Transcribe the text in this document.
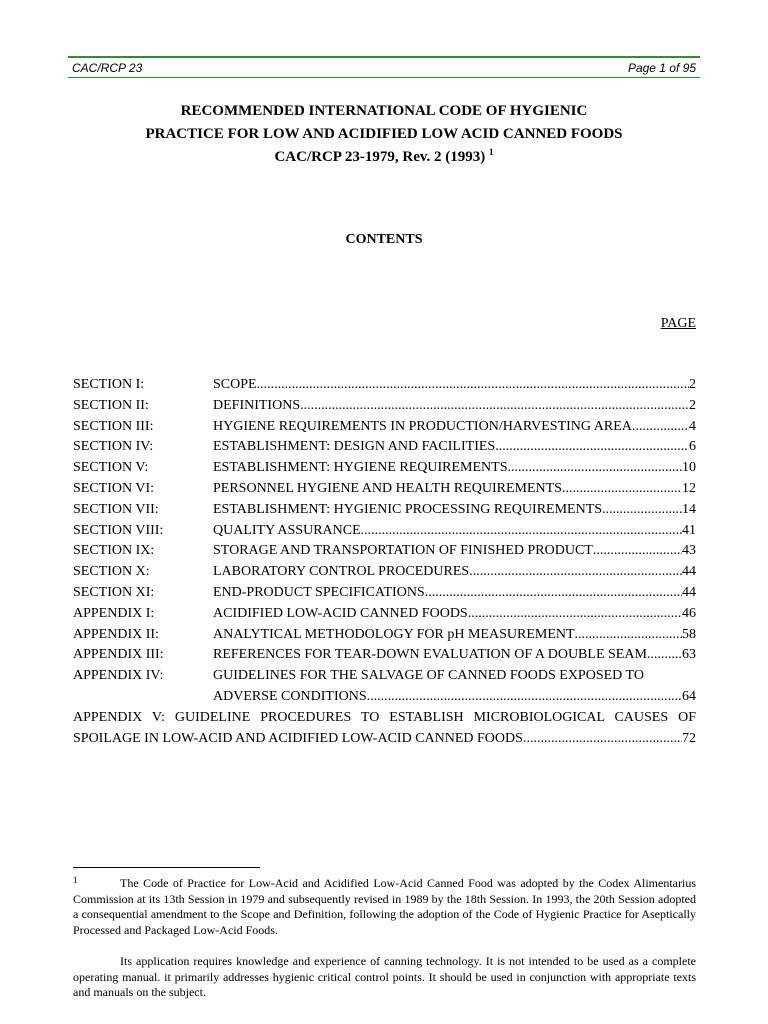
CAC/RCP 23	Page 1 of 95
RECOMMENDED INTERNATIONAL CODE OF HYGIENIC
PRACTICE FOR LOW AND ACIDIFIED LOW ACID CANNED FOODS
CAC/RCP 23-1979, Rev. 2 (1993) $^1$
CONTENTS
PAGE
SECTION I:	SCOPE .....	2
SECTION II:	DEFINITIONS .....	2
SECTION III:	HYGIENE REQUIREMENTS IN PRODUCTION/HARVESTING AREA .....	4
SECTION IV:	ESTABLISHMENT: DESIGN AND FACILITIES .....	6
SECTION V:	ESTABLISHMENT: HYGIENE REQUIREMENTS .....	10
SECTION VI:	PERSONNEL HYGIENE AND HEALTH REQUIREMENTS .....	12
SECTION VII:	ESTABLISHMENT: HYGIENIC PROCESSING REQUIREMENTS .....	14
SECTION VIII:	QUALITY ASSURANCE .....	41
SECTION IX:	STORAGE AND TRANSPORTATION OF FINISHED PRODUCT .....	43
SECTION X:	LABORATORY CONTROL PROCEDURES .....	44
SECTION XI:	END-PRODUCT SPECIFICATIONS .....	44
APPENDIX I:	ACIDIFIED LOW-ACID CANNED FOODS .....	46
APPENDIX II:	ANALYTICAL METHODOLOGY FOR pH MEASUREMENT .....	58
APPENDIX III:	REFERENCES FOR TEAR-DOWN EVALUATION OF A DOUBLE SEAM .....	63
APPENDIX IV:	GUIDELINES FOR THE SALVAGE OF CANNED FOODS EXPOSED TO
ADVERSE CONDITIONS .....	64
APPENDIX V: GUIDELINE PROCEDURES TO ESTABLISH MICROBIOLOGICAL CAUSES OF
SPOILAGE IN LOW-ACID AND ACIDIFIED LOW-ACID CANNED FOODS .....	72
1	The Code of Practice for Low-Acid and Acidified Low-Acid Canned Food was adopted by the Codex Alimentarius Commission at its 13th Session in 1979 and subsequently revised in 1989 by the 18th Session. In 1993, the 20th Session adopted a consequential amendment to the Scope and Definition, following the adoption of the Code of Hygienic Practice for Aseptically Processed and Packaged Low-Acid Foods.

Its application requires knowledge and experience of canning technology. It is not intended to be used as a complete operating manual. it primarily addresses hygienic critical control points. It should be used in conjunction with appropriate texts and manuals on the subject.
